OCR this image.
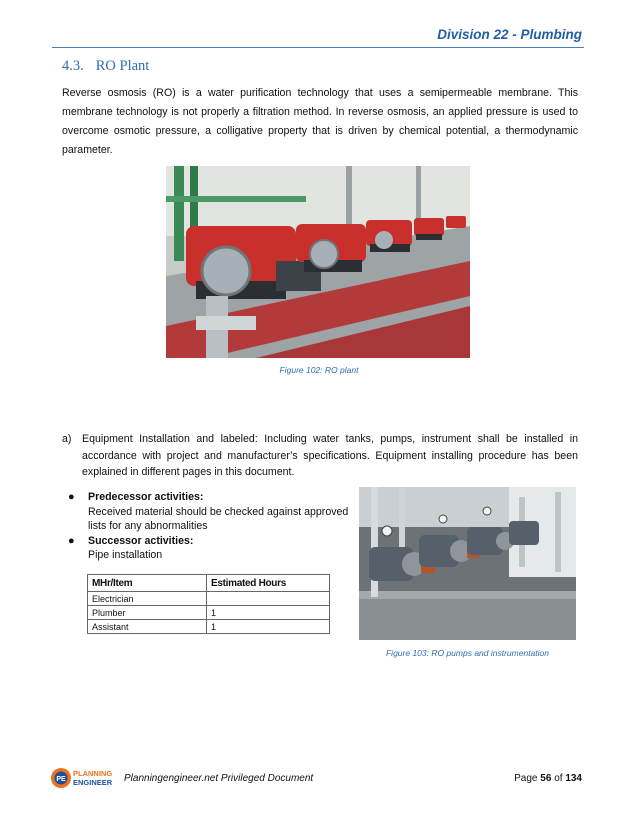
Division 22 - Plumbing
4.3. RO Plant

Reverse osmosis (RO) is a water purification technology that uses a semipermeable membrane. This membrane technology is not properly a filtration method. In reverse osmosis, an applied pressure is used to overcome osmotic pressure, a colligative property that is driven by chemical potential, a thermodynamic parameter.

Figure 102: RO plant
a) Equipment Installation and labeled: Including water tanks, pumps, instrument shall be installed in accordance with project and manufacturer’s specifications. Equipment installing procedure has been explained in different pages in this document.
● Predecessor activities:
Received material should be checked against approved lists for any abnormalities
● Successor activities:
Pipe installation
MHr/Item	Estimated Hours
Electrician	
Plumber	1
Assistant	1
Figure 103: RO pumps and instrumentation
PE
PLANNING
ENGINEER Planningengineer.net Privileged Document	Page 56 of 134
